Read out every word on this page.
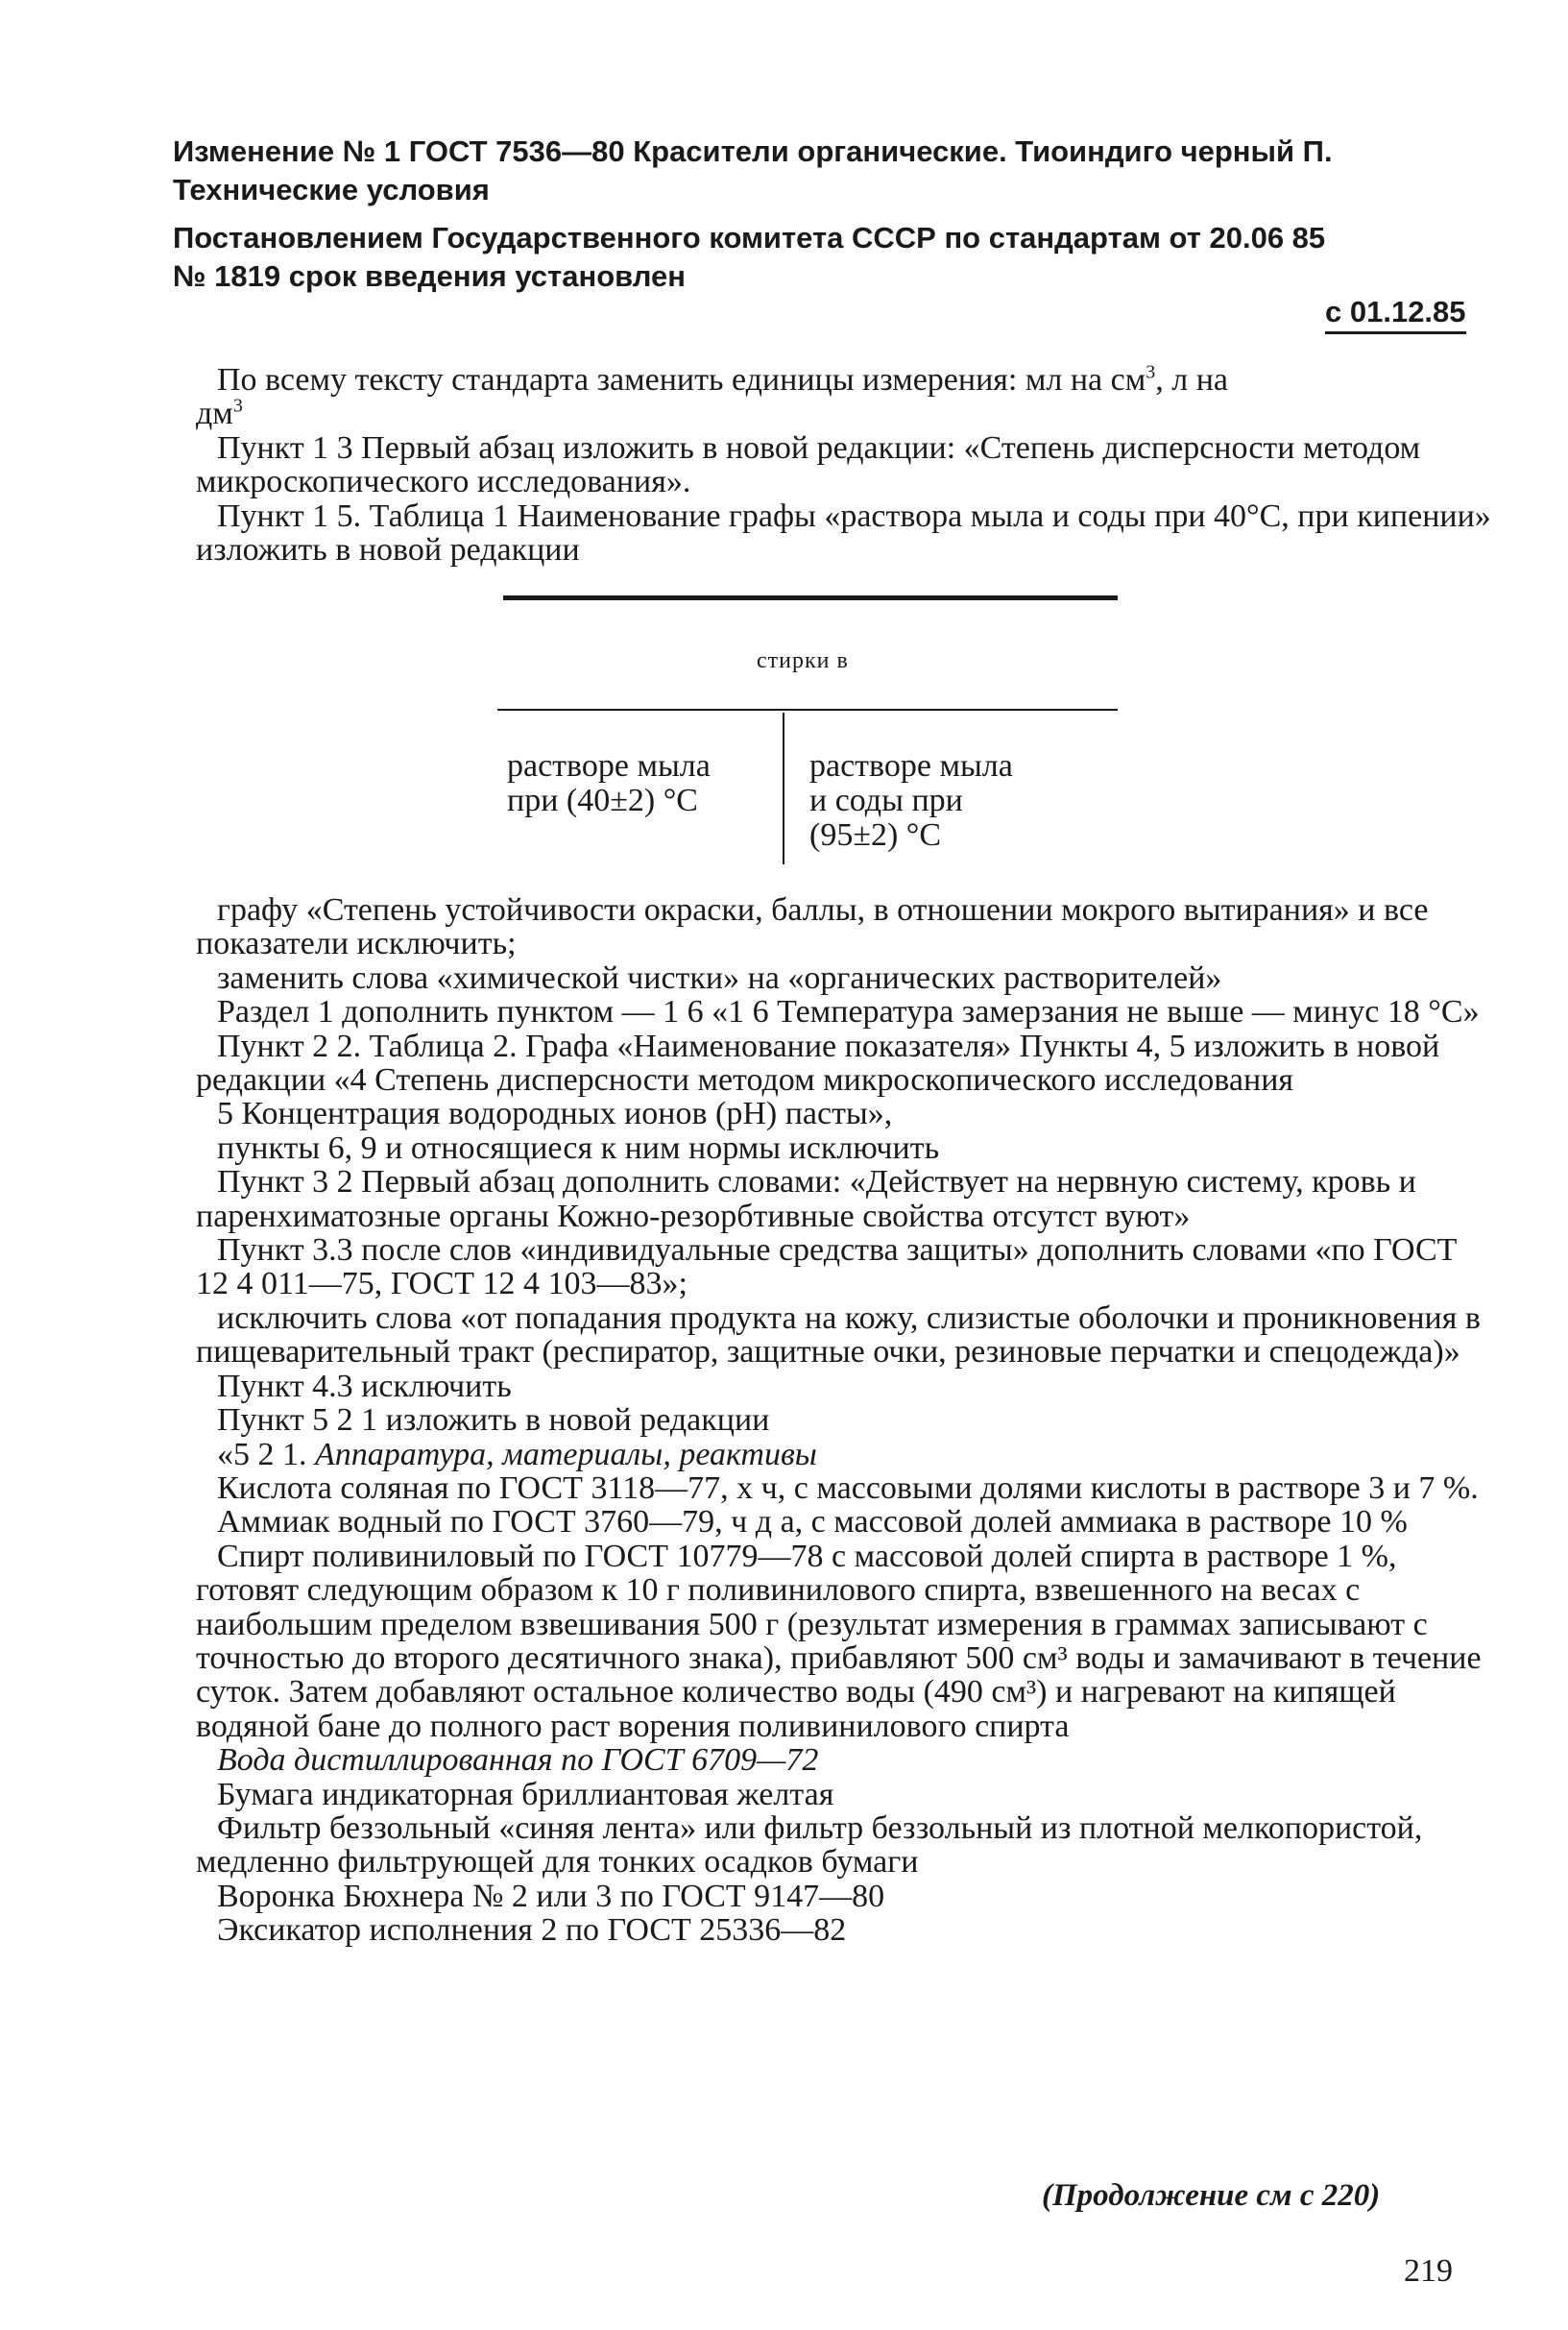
Изменение № 1 ГОСТ 7536—80 Красители органические. Тиоиндиго черный П.
Технические условия
Постановлением Государственного комитета СССР по стандартам от 20.06 85
№ 1819 срок введения установлен
с 01.12.85

По всему тексту стандарта заменить единицы измерения: мл на $см^3$, л на

$дм^3$

Пункт 1 3 Первый абзац изложить в новой редакции: «Степень дисперсности методом микроскопического исследования».

Пункт 1 5. Таблица 1 Наименование графы «раствора мыла и соды при 40°С, при кипении» изложить в новой редакции

стирки в
растворе мыла
при (40±2) °С
растворе мыла
и соды при
(95±2) °С

графу «Степень устойчивости окраски, баллы, в отношении мокрого вытирания» и все показатели исключить;

заменить слова «химической чистки» на «органических растворителей»

Раздел 1 дополнить пунктом — 1 6 «1 6 Температура замерзания не выше — минус 18 °С»

Пункт 2 2. Таблица 2. Графа «Наименование показателя» Пункты 4, 5 изложить в новой редакции «4 Степень дисперсности методом микроскопического исследования

5 Концентрация водородных ионов (рН) пасты»,

пункты 6, 9 и относящиеся к ним нормы исключить

Пункт 3 2 Первый абзац дополнить словами: «Действует на нервную систему, кровь и паренхиматозные органы Кожно-резорбтивные свойства отсутст вуют»

Пункт 3.3 после слов «индивидуальные средства защиты» дополнить словами «по ГОСТ 12 4 011—75, ГОСТ 12 4 103—83»;

исключить слова «от попадания продукта на кожу, слизистые оболочки и проникновения в пищеварительный тракт (респиратор, защитные очки, резиновые перчатки и спецодежда)»

Пункт 4.3 исключить

Пункт 5 2 1 изложить в новой редакции

«5 2 1. Аппаратура, материалы, реактивы

Кислота соляная по ГОСТ 3118—77, х ч, с массовыми долями кислоты в растворе 3 и 7 %.

Аммиак водный по ГОСТ 3760—79, ч д а, с массовой долей аммиака в растворе 10 %

Спирт поливиниловый по ГОСТ 10779—78 с массовой долей спирта в растворе 1 %, готовят следующим образом к 10 г поливинилового спирта, взвешенного на весах с наибольшим пределом взвешивания 500 г (результат измерения в граммах записывают с точностью до второго десятичного знака), прибавляют 500 см³ воды и замачивают в течение суток. Затем добавляют остальное количество воды (490 см³) и нагревают на кипящей водяной бане до полного раст ворения поливинилового спирта

Вода дистиллированная по ГОСТ 6709—72

Бумага индикаторная бриллиантовая желтая

Фильтр беззольный «синяя лента» или фильтр беззольный из плотной мелкопористой, медленно фильтрующей для тонких осадков бумаги

Воронка Бюхнера № 2 или 3 по ГОСТ 9147—80

Эксикатор исполнения 2 по ГОСТ 25336—82

(Продолжение см с 220)
219
